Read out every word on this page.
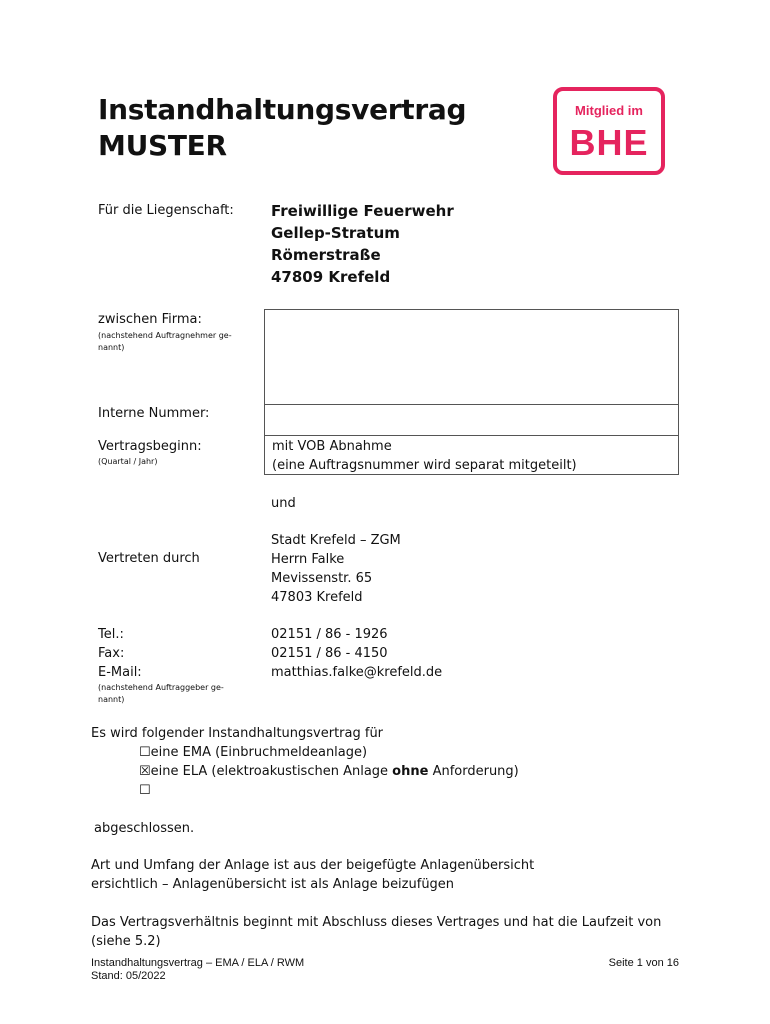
Instandhaltungsvertrag
MUSTER
Mitglied im
BHE
Für die Liegenschaft: Freiwillige Feuerwehr
Gellep-Stratum
Römerstraße
47809 Krefeld
zwischen Firma:
(nachstehend Auftragnehmer ge-
nannt)
Interne Nummer:
Vertragsbeginn:
(Quartal / Jahr)
mit VOB Abnahme
(eine Auftragsnummer wird separat mitgeteilt)
und
Vertreten durch
Stadt Krefeld – ZGM
Herrn Falke
Mevissenstr. 65
47803 Krefeld
Tel.:
Fax:
E-Mail:
(nachstehend Auftraggeber ge-
nannt)
02151 / 86 - 1926
02151 / 86 - 4150
matthias.falke@krefeld.de
Es wird folgender Instandhaltungsvertrag für
☐eine EMA (Einbruchmeldeanlage)
☒eine ELA (elektroakustischen Anlage ohne Anforderung)
☐
abgeschlossen.
Art und Umfang der Anlage ist aus der beigefügte Anlagenübersicht
ersichtlich – Anlagenübersicht ist als Anlage beizufügen
Das Vertragsverhältnis beginnt mit Abschluss dieses Vertrages und hat die Laufzeit von
(siehe 5.2)
Instandhaltungsvertrag – EMA / ELA / RWM
Stand: 05/2022
Seite 1 von 16
